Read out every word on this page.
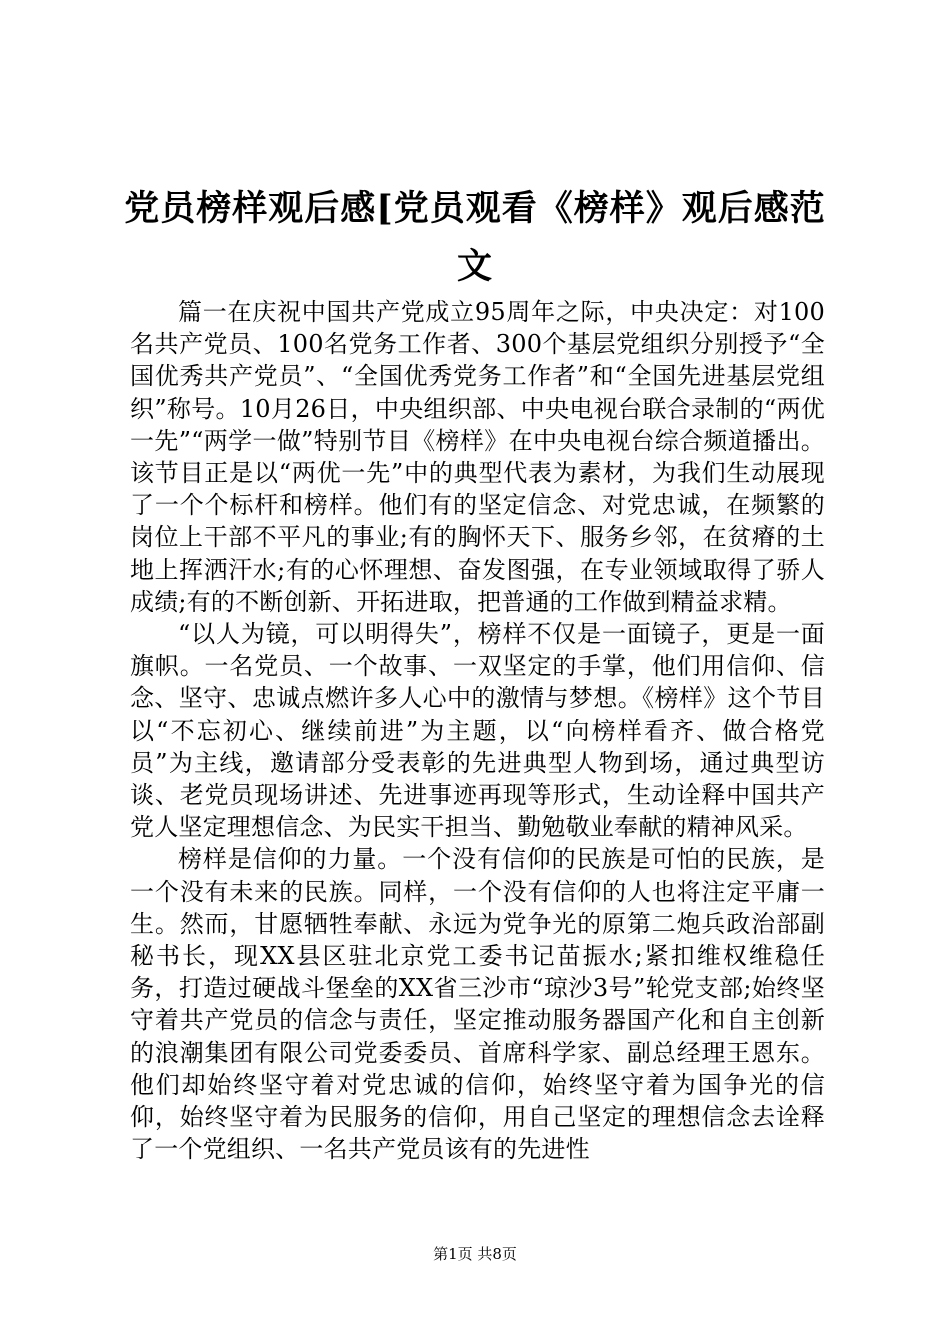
党员榜样观后感[党员观看《榜样》观后感范文

篇一在庆祝中国共产党成立95周年之际，中央决定：对100名共产党员、100名党务工作者、300个基层党组织分别授予“全国优秀共产党员”、“全国优秀党务工作者”和“全国先进基层党组织”称号。10月26日，中央组织部、中央电视台联合录制的“两优一先”“两学一做”特别节目《榜样》在中央电视台综合频道播出。该节目正是以“两优一先”中的典型代表为素材，为我们生动展现了一个个标杆和榜样。他们有的坚定信念、对党忠诚，在频繁的岗位上干部不平凡的事业;有的胸怀天下、服务乡邻，在贫瘠的土地上挥洒汗水;有的心怀理想、奋发图强，在专业领域取得了骄人成绩;有的不断创新、开拓进取，把普通的工作做到精益求精。

“以人为镜，可以明得失”，榜样不仅是一面镜子，更是一面旗帜。一名党员、一个故事、一双坚定的手掌，他们用信仰、信念、坚守、忠诚点燃许多人心中的激情与梦想。《榜样》这个节目以“不忘初心、继续前进”为主题，以“向榜样看齐、做合格党员”为主线，邀请部分受表彰的先进典型人物到场，通过典型访谈、老党员现场讲述、先进事迹再现等形式，生动诠释中国共产党人坚定理想信念、为民实干担当、勤勉敬业奉献的精神风采。

榜样是信仰的力量。一个没有信仰的民族是可怕的民族，是一个没有未来的民族。同样，一个没有信仰的人也将注定平庸一生。然而，甘愿牺牲奉献、永远为党争光的原第二炮兵政治部副秘书长，现XX县区驻北京党工委书记苗振水;紧扣维权维稳任务，打造过硬战斗堡垒的XX省三沙市“琼沙3号”轮党支部;始终坚守着共产党员的信念与责任，坚定推动服务器国产化和自主创新的浪潮集团有限公司党委委员、首席科学家、副总经理王恩东。他们却始终坚守着对党忠诚的信仰，始终坚守着为国争光的信仰，始终坚守着为民服务的信仰，用自己坚定的理想信念去诠释了一个党组织、一名共产党员该有的先进性

第1页 共8页
